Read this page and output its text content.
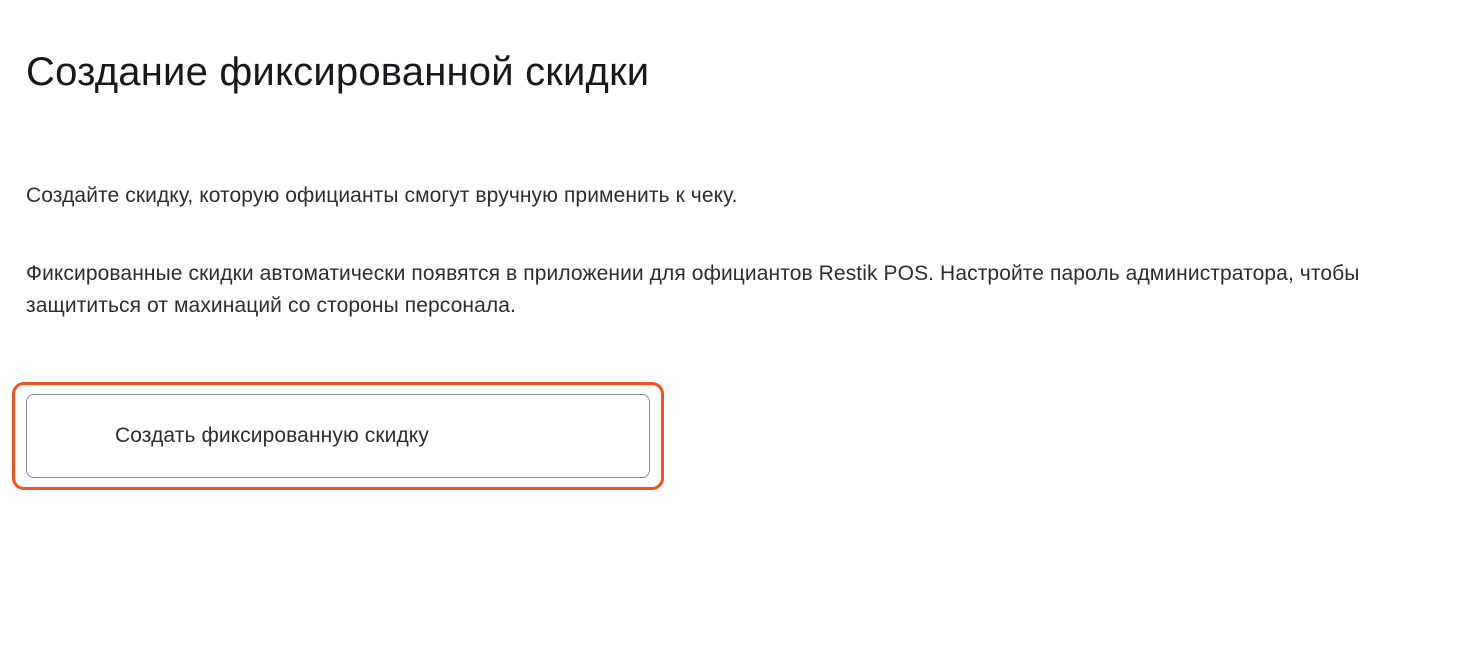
Создание фиксированной скидки

Создайте скидку, которую официанты смогут вручную применить к чеку.

Фиксированные скидки автоматически появятся в приложении для официантов Restik POS. Настройте пароль администратора, чтобы защититься от махинаций со стороны персонала.

Создать фиксированную скидку
